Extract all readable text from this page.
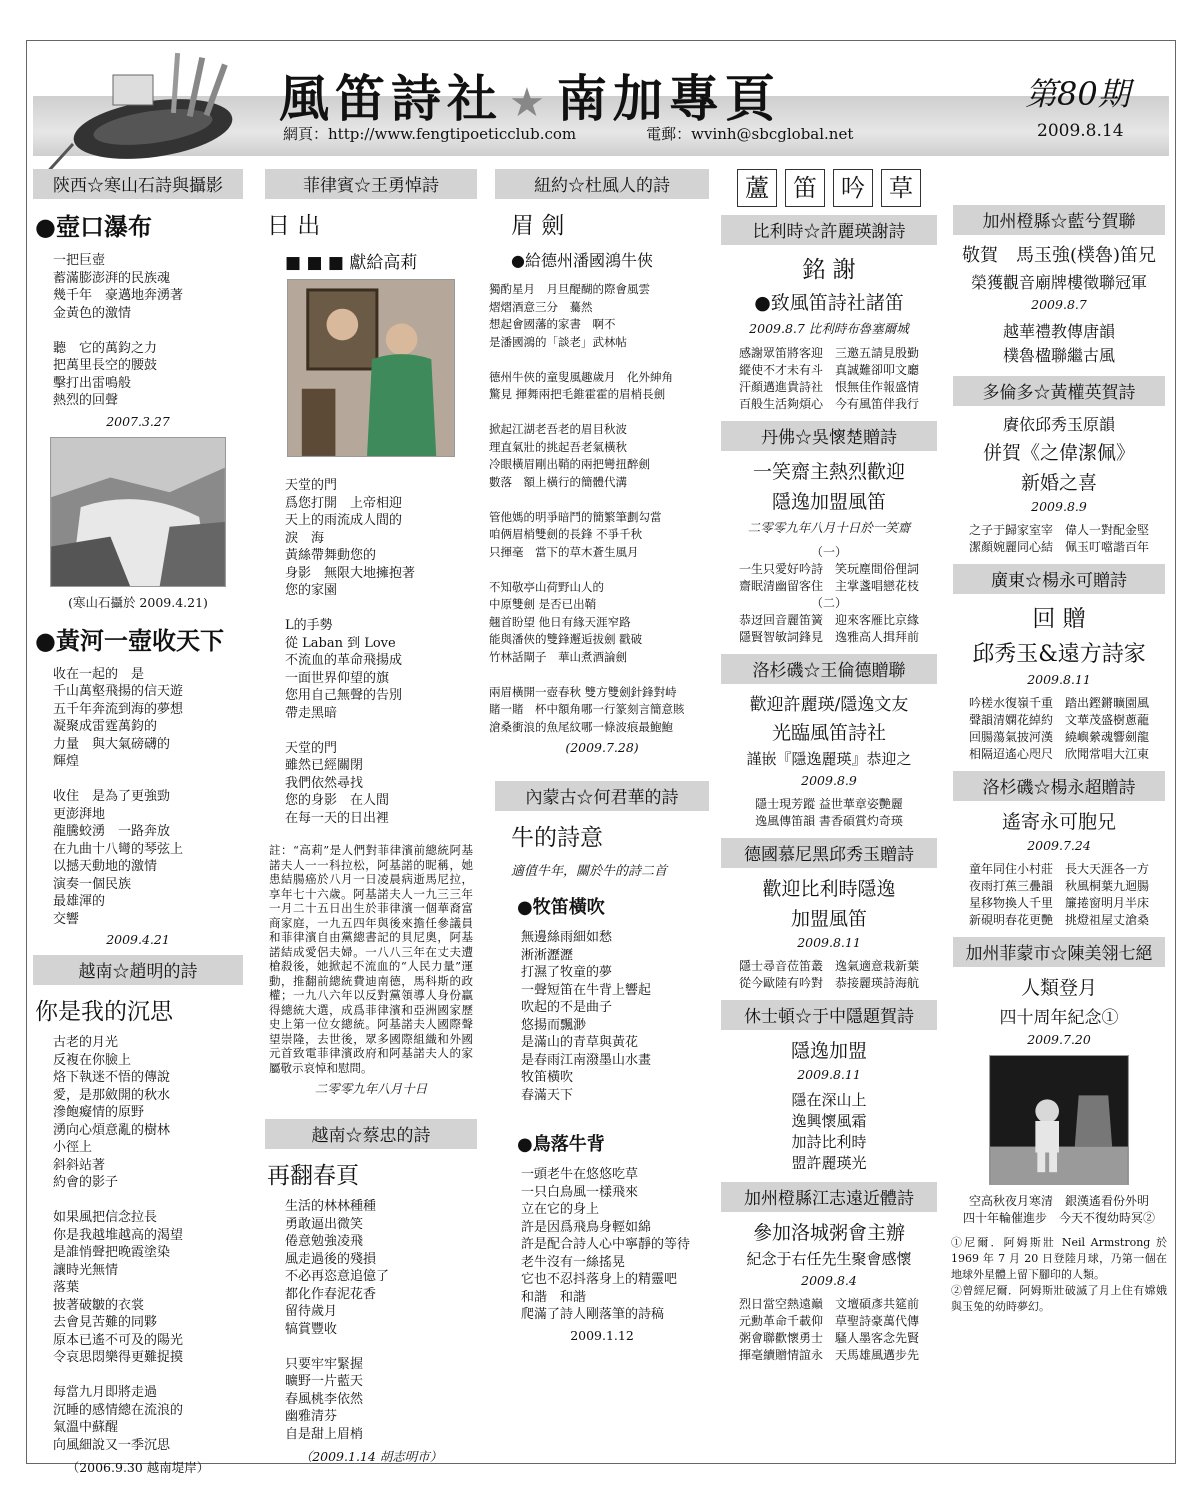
風笛詩社 ★ 南加專頁	第80期
2009.8.14
網頁：http://www.fengtipoeticclub.com	電郵：wvinh@sbcglobal.net
陝西☆寒山石詩與攝影
●壺口瀑布
一把巨壺
蓄滿膨澎湃的民族魂
幾千年　豪邁地奔湧著
金黃色的激情

聽　它的萬鈞之力
把萬里長空的腰鼓
擊打出雷鳴般
熱烈的回聲
2007.3.27
(寒山石攝於 2009.4.21)
●黃河一壺收天下
收在一起的　是
千山萬壑飛揚的信天遊
五千年奔流到海的夢想
凝聚成雷霆萬鈞的
力量　與大氣磅礴的
輝煌

收住　是為了更強勁
更澎湃地
龍騰蛟湧　一路奔放
在九曲十八彎的琴弦上
以撼天動地的激情
演奏一個民族
最雄渾的
交響
2009.4.21
越南☆趙明的詩
你是我的沉思
古老的月光
反複在你臉上
烙下執迷不悟的傳說
愛，是那斂開的秋水
滲飽癡情的原野
湧向心煩意亂的樹林
小徑上
斜斜站著
約會的影子

如果風把信念拉長
你是我越堆越高的渴望
是誰悄聲把晚霞塗染
讓時光無情
落葉
披著破皺的衣裳
去會見苦難的同夥
原本已遙不可及的陽光
令哀思悶樂得更難捉摸

每當九月即將走過
沉睡的感情總在流浪的
氣溫中蘇醒
向風細說又一季沉思
（2006.9.30 越南堤岸）
菲律賓☆王勇悼詩
日 出
■ ■ ■ 獻給高莉
天堂的門
爲您打開　上帝相迎
天上的雨流成人間的
淚　海
黃絲帶舞動您的
身影　無限大地擁抱著
您的家園

L的手勢
從 Laban 到 Love
不流血的革命飛揚成
一面世界仰望的旗
您用自己無聲的告別
帶走黑暗

天堂的門
雖然已經關閉
我們依然尋找
您的身影　在人間
在每一天的日出裡
註：“高莉”是人們對菲律濱前總統阿基諾夫人一一科拉松，阿基諾的昵稱，她患結腸癌於八月一日凌晨病逝馬尼拉，享年七十六歲。阿基諾夫人一九三三年一月二十五日出生於菲律濱一個華裔富商家庭，一九五四年與後來擔任參議員和菲律濱自由黨總書記的貝尼奧，阿基諾結成愛侶夫婦。一八八三年在丈夫遭槍殺後，她掀起不流血的“人民力量”運動，推翻前總統費迪南德，馬科斯的政權；一九八六年以反對黨領導人身份贏得總統大選，成爲菲律濱和亞洲國家歷史上第一位女總統。阿基諾夫人國際聲望崇隆，去世後，眾多國際組織和外國元首致電菲律濱政府和阿基諾夫人的家屬敬示哀悼和慰問。
二零零九年八月十日
越南☆蔡忠的詩
再翻春頁
生活的林林種種
勇敢逼出微笑
倦意勉強凌飛
風走過後的殘損
不必再恣意追億了
都化作春泥花香
留待歲月
犒賞豐收

只要牢牢緊握
曠野一片藍天
春風桃李依然
幽雅清芬
自是甜上眉梢
（2009.1.14 胡志明市）
紐約☆杜風人的詩
眉 劍
●給德州潘國鴻牛俠
獨酌星月　月旦醍醐的際會風雲
熠熠酒意三分　驀然
想起會國藩的家書　啊不
是潘國鴻的「談老」武林帖

德州牛俠的童叟風趣歲月　化外紳角
驚見 揮舞兩把毛錐霍霍的眉梢長劍

掀起江湖老吾老的眉目秋波
理直氣壯的挑起吾老氣橫秋
冷眼橫眉剛出鞘的兩把彎扭醉劍
數落　額上橫行的簡體代溝

管他媽的明爭暗鬥的簡繁筆劃勾當
咱俩眉梢雙劍的長鋒 不爭千秋
只揮毫　當下的草木蒼生風月

不知敬亭山荷野山人的
中原雙劍 是否已出鞘
翹首盼望 他日有緣天涯窄路
能與潘俠的雙鋒邂逅拔劍 戳破
竹林話閘子　華山煮酒論劍

兩眉橫開一壺春秋 雙方雙劍針鋒對峙
賭一賭　杯中額角哪一行篆刻言簡意賅
滄桑衝浪的魚尾紋哪一條波痕最鮑鮑
(2009.7.28)
內蒙古☆何君華的詩
牛的詩意
適值牛年，關於牛的詩二首
●牧笛橫吹
無邊絲雨細如愁
淅淅瀝瀝
打濕了牧童的夢
一聲短笛在牛背上響起
吹起的不是曲子
悠揚而飄渺
是滿山的青草與黃花
是春雨江南潑墨山水畫
牧笛橫吹
春滿天下
●鳥落牛背
一頭老牛在悠悠吃草
一只白鳥風一樣飛來
立在它的身上
許是因爲飛鳥身輕如綿
許是配合詩人心中寧靜的等待
老牛沒有一絲搖晃
它也不忍抖落身上的精靈吧
和諧　和諧
爬滿了詩人剛落筆的詩稿
2009.1.12
蘆	笛	吟	草
比利時☆許麗瑛謝詩
銘 謝
●致風笛詩社諸笛
2009.8.7 比利時布魯塞爾城
感謝眾笛將客迎　三邀五請見殷勤
縱使不才未有斗　真誠難卻叩文廳
汗顏邁進貴詩社　恨無佳作報盛情
百般生活夠煩心　今有風笛伴我行
丹佛☆吳懷楚贈詩
一笑齋主熱烈歡迎
隱逸加盟風笛
二零零九年八月十日於一笑齋
（一）
一生只愛好吟詩　笑玩塵間俗俚詞
齋眠清幽留客住　主掌盞唱戀花枝
（二）
恭迓回音麗笛簧　迎來客雁比京緣
隱賢智敏詞鋒見　逸雅高人揖拜前
洛杉磯☆王倫德贈聯
歡迎許麗瑛/隱逸文友
光臨風笛詩社
謹嵌『隱逸麗瑛』恭迎之
2009.8.9
隱士現芳蹤 益世華章姿艷麗
逸風傳笛韻 書香碩賞灼奇瑛
德國慕尼黑邱秀玉贈詩
歡迎比利時隱逸
加盟風笛
2009.8.11
隱士尋音莅笛叢　逸氣適意栽新葉
從今歐陸有吟對　恭接麗瑛詩海航
休士頓☆于中隱題賀詩
隱逸加盟
2009.8.11
隱在深山上
逸興懷風霜
加詩比利時
盟許麗瑛光
加州橙縣江志遠近體詩
參加洛城粥會主辦
紀念于右任先生聚會感懷
2009.8.4
烈日當空熱遠巔　文壇碩彥共筵前
元勳革命千載仰　草聖詩豪萬代傳
粥會聯歡懷勇士　騷人墨客念先賢
揮毫續贈情誼永　天馬雄風邁步先
加州橙縣☆藍兮賀聯
敬賀　馬玉強(樸魯)笛兄
榮獲觀音廟牌樓徵聯冠軍
2009.8.7
越華禮教傳唐韻
樸魯楹聯繼古風
多倫多☆黃權英賀詩
賡依邱秀玉原韻
併賀《之偉潔佩》
新婚之喜
2009.8.9
之子于歸家室宰　偉人一對配金堅
潔顏婉麗同心結　佩玉叮噹諧百年
廣東☆楊永可贈詩
回 贈
邱秀玉&遠方詩家
2009.8.11
吟槎水復嶺千重　踏出鏗鏘曠園風
聲韻清嫻花綽約　文華茂盛樹蔥蘢
回腸蕩氣披河漢　繞嶼縈魂響劍龍
相隔迢遙心咫尺　欣聞常唱大江東
洛杉磯☆楊永超贈詩
遙寄永可胞兄
2009.7.24
童年同住小村莊　長大天涯各一方
夜雨打蕉三疊韻　秋風桐葉九迴腸
星移物換人千里　簾捲窗明月半床
新硯明春花更艷　挑燈祖屋丈滄桑
加州菲蒙市☆陳美翎七絕
人類登月
四十周年紀念①
2009.7.20
空高秋夜月寒清　銀漢遙看份外明
四十年輪催進步　今天不復幼時冥②
①尼爾．阿姆斯壯 Neil Armstrong 於 1969 年 7 月 20 日登陸月球，乃第一個在地球外星體上留下腳印的人類。
②曾經尼爾．阿姆斯壯破滅了月上住有嫦娥與玉兔的幼時夢幻。
